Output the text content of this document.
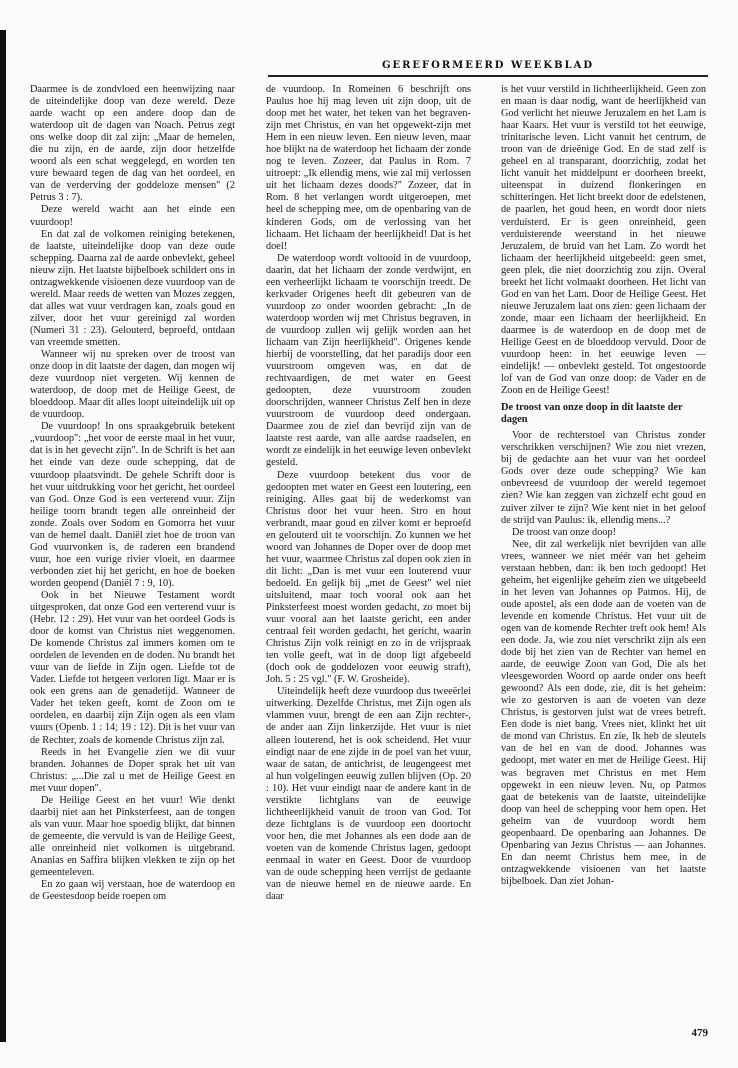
GEREFORMEERD WEEKBLAD

Daarmee is de zondvloed een heenwijzing naar de uiteindelijke doop van deze wereld. Deze aarde wacht op een andere doop dan de waterdoop uit de dagen van Noach. Petrus zegt ons welke doop dit zal zijn: „Maar de hemelen, die nu zijn, en de aarde, zijn door hetzelfde woord als een schat weggelegd, en worden ten vure bewaard tegen de dag van het oordeel, en van de verderving der goddeloze mensen" (2 Petrus 3 : 7).

Deze wereld wacht aan het einde een vuurdoop!

En dat zal de volkomen reiniging betekenen, de laatste, uiteindelijke doop van deze oude schepping. Daarna zal de aarde onbevlekt, geheel nieuw zijn. Het laatste bijbelboek schildert ons in ontzagwekkende visioenen deze vuurdoop van de wereld. Maar reeds de wetten van Mozes zeggen, dat alles wat vuur verdragen kan, zoals goud en zilver, door het vuur gereinigd zal worden (Numeri 31 : 23). Gelouterd, beproefd, ontdaan van vreemde smetten.

Wanneer wij nu spreken over de troost van onze doop in dit laatste der dagen, dan mogen wij deze vuurdoop niet vergeten. Wij kennen de waterdoop, de doop met de Heilige Geest, de bloeddoop. Maar dit alles loopt uiteindelijk uit op de vuurdoop.

De vuurdoop! In ons spraakgebruik betekent „vuurdoop": „het voor de eerste maal in het vuur, dat is in het gevecht zijn". In de Schrift is het aan het einde van deze oude schepping, dat de vuurdoop plaatsvindt. De gehele Schrift door is het vuur uitdrukking voor het gericht, het oordeel van God. Onze God is een verterend vuur. Zijn heilige toorn brandt tegen alle onreinheid der zonde. Zoals over Sodom en Gomorra het vuur van de hemel daalt. Daniël ziet hoe de troon van God vuurvonken is, de raderen een brandend vuur, hoe een vurige rivier vloeit, en daarmee verbonden ziet hij het gericht, en hoe de boeken worden geopend (Daniël 7 : 9, 10).

Ook in het Nieuwe Testament wordt uitgesproken, dat onze God een verterend vuur is (Hebr. 12 : 29). Het vuur van het oordeel Gods is door de komst van Christus niet weggenomen. De komende Christus zal immers komen om te oordelen de levenden en de doden. Nu brandt het vuur van de liefde in Zijn ogen. Liefde tot de Vader. Liefde tot hetgeen verloren ligt. Maar er is ook een grens aan de genadetijd. Wanneer de Vader het teken geeft, komt de Zoon om te oordelen, en daarbij zijn Zijn ogen als een vlam vuurs (Openb. 1 : 14; 19 : 12). Dit is het vuur van de Rechter, zoals de komende Christus zijn zal.

Reeds in het Evangelie zien we dit vuur branden. Johannes de Doper sprak het uit van Christus: „...Die zal u met de Heilige Geest en met vuur dopen".

De Heilige Geest en het vuur! Wie denkt daarbij niet aan het Pinksterfeest, aan de tongen als van vuur. Maar hoe spoedig blijkt, dat binnen de gemeente, die vervuld is van de Heilige Geest, alle onreinheid niet volkomen is uitgebrand. Ananias en Saffira blijken vlekken te zijn op het gemeenteleven.

En zo gaan wij verstaan, hoe de waterdoop en de Geestesdoop beide roepen om

de vuurdoop. In Romeinen 6 beschrijft ons Paulus hoe hij mag leven uit zijn doop, uit de doop met het water, het teken van het begraven-zijn met Christus, en van het opgewekt-zijn met Hem in een nieuw leven. Een nieuw leven, maar hoe blijkt na de waterdoop het lichaam der zonde nog te leven. Zozeer, dat Paulus in Rom. 7 uitroept: „Ik ellendig mens, wie zal mij verlossen uit het lichaam dezes doods?" Zozeer, dat in Rom. 8 het verlangen wordt uitgeroepen, met heel de schepping mee, om de openbaring van de kinderen Gods, om de verlossing van het lichaam. Het lichaam der heerlijkheid! Dat is het doel!

De waterdoop wordt voltooid in de vuurdoop, daarin, dat het lichaam der zonde verdwijnt, en een verheerlijkt lichaam te voorschijn treedt. De kerkvader Origenes heeft dit gebeuren van de vuurdoop zo onder woorden gebracht: „In de waterdoop worden wij met Christus begraven, in de vuurdoop zullen wij gelijk worden aan het lichaam van Zijn heerlijkheid". Origenes kende hierbij de voorstelling, dat het paradijs door een vuurstroom omgeven was, en dat de rechtvaardigen, de met water en Geest gedoopten, deze vuurstroom zouden doorschrijden, wanneer Christus Zelf hen in deze vuurstroom de vuurdoop deed ondergaan. Daarmee zou de ziel dan bevrijd zijn van de laatste rest aarde, van alle aardse raadselen, en wordt ze eindelijk in het eeuwige leven onbevlekt gesteld.

Deze vuurdoop betekent dus voor de gedoopten met water en Geest een loutering, een reiniging. Alles gaat bij de wederkomst van Christus door het vuur heen. Stro en hout verbrandt, maar goud en zilver komt er beproefd en gelouterd uit te voorschijn. Zo kunnen we het woord van Johannes de Doper over de doop met het vuur, waarmee Christus zal dopen ook zien in dit licht: „Dan is met vuur een louterend vuur bedoeld. En gelijk bij „met de Geest" wel niet uitsluitend, maar toch vooral ook aan het Pinksterfeest moest worden gedacht, zo moet bij vuur vooral aan het laatste gericht, een ander centraal feit worden gedacht, het gericht, waarin Christus Zijn volk reinigt en zo in de vrijspraak ten volle geeft, wat in de doop ligt afgebeeld (doch ook de goddelozen voor eeuwig straft), Joh. 5 : 25 vgl." (F. W. Grosheide).

Uiteindelijk heeft deze vuurdoop dus tweeërlei uitwerking. Dezelfde Christus, met Zijn ogen als vlammen vuur, brengt de een aan Zijn rechter-, de ander aan Zijn linkerzijde. Het vuur is niet alleen louterend, het is ook scheidend. Het vuur eindigt naar de ene zijde in de poel van het vuur, waar de satan, de antichrist, de leugengeest met al hun volgelingen eeuwig zullen blijven (Op. 20 : 10). Het vuur eindigt naar de andere kant in de verstikte lichtglans van de eeuwige lichtheerlijkheid vanuit de troon van God. Tot deze lichtglans is de vuurdoop een doortocht voor hen, die met Johannes als een dode aan de voeten van de komende Christus lagen, gedoopt eenmaal in water en Geest. Door de vuurdoop van de oude schepping heen verrijst de gedaante van de nieuwe hemel en de nieuwe aarde. En daar

is het vuur verstild in lichtheerlijkheid. Geen zon en maan is daar nodig, want de heerlijkheid van God verlicht het nieuwe Jeruzalem en het Lam is haar Kaars. Het vuur is verstild tot het eeuwige, trinitarische leven. Licht vanuit het centrum, de troon van de drieënige God. En de stad zelf is geheel en al transparant, doorzichtig, zodat het licht vanuit het middelpunt er doorheen breekt, uiteenspat in duizend flonkeringen en schitteringen. Het licht breekt door de edelstenen, de paarlen, het goud heen, en wordt door niets verduisterd. Er is geen onreinheid, geen verduisterende weerstand in het nieuwe Jeruzalem, de bruid van het Lam. Zo wordt het lichaam der heerlijkheid uitgebeeld: geen smet, geen plek, die niet doorzichtig zou zijn. Overal breekt het licht volmaakt doorheen. Het licht van God en van het Lam. Door de Heilige Geest. Het nieuwe Jeruzalem laat ons zien: geen lichaam der zonde, maar een lichaam der heerlijkheid. En daarmee is de waterdoop en de doop met de Heilige Geest en de bloeddoop vervuld. Door de vuurdoop heen: in het eeuwige leven — eindelijk! — onbevlekt gesteld. Tot ongestoorde lof van de God van onze doop: de Vader en de Zoon en de Heilige Geest!

De troost van onze doop in dit laatste der dagen

Voor de rechterstoel van Christus zonder verschrikken verschijnen? Wie zou niet vrezen, bij de gedachte aan het vuur van het oordeel Gods over deze oude schepping? Wie kan onbevreesd de vuurdoop der wereld tegemoet zien? Wie kan zeggen van zichzelf echt goud en zuiver zilver te zijn? Wie kent niet in het geloof de strijd van Paulus: ik, ellendig mens...?

De troost van onze doop!

Nee, dit zal werkelijk niet bevrijden van alle vrees, wanneer we niet méér van het geheim verstaan hebben, dan: ik ben toch gedoopt! Het geheim, het eigenlijke geheim zien we uitgebeeld in het leven van Johannes op Patmos. Hij, de oude apostel, als een dode aan de voeten van de levende en komende Christus. Het vuur uit de ogen van de komende Rechter treft ook hem! Als een dode. Ja, wie zou niet verschrikt zijn als een dode bij het zien van de Rechter van hemel en aarde, de eeuwige Zoon van God, Die als het vleesgeworden Woord op aarde onder ons heeft gewoond? Als een dode, zie, dit is het geheim: wie zo gestorven is aan de voeten van deze Christus, is gestorven juist wat de vrees betreft. Een dode is niet bang. Vrees niet, klinkt het uit de mond van Christus. En zie, Ik heb de sleutels van de hel en van de dood. Johannes was gedoopt, met water en met de Heilige Geest. Hij was begraven met Christus en met Hem opgewekt in een nieuw leven. Nu, op Patmos gaat de betekenis van de laatste, uiteindelijke doop van heel de schepping voor hem open. Het geheim van de vuurdoop wordt hem geopenbaard. De openbaring aan Johannes. De Openbaring van Jezus Christus — aan Johannes. En dan neemt Christus hem mee, in de ontzagwekkende visioenen van het laatste bijbelboek. Dan ziet Johan-

479
